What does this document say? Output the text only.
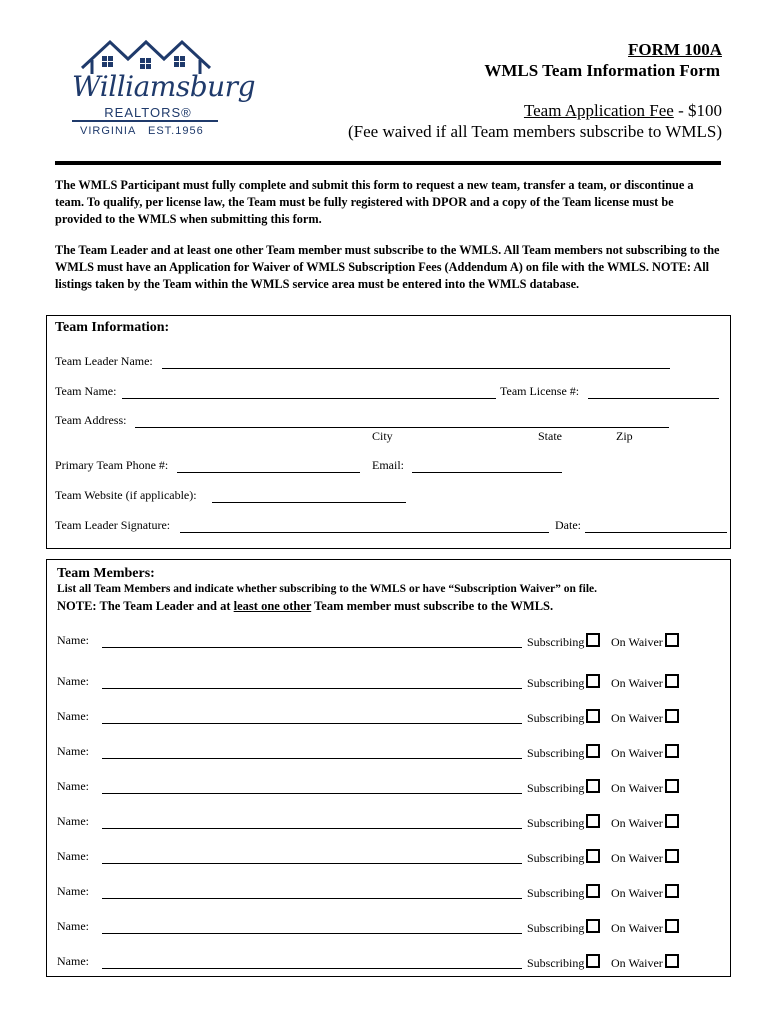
Williamsburg
REALTORS®
VIRGINIA EST.1956
FORM 100A
WMLS Team Information Form
Team Application Fee - $100
(Fee waived if all Team members subscribe to WMLS)
The WMLS Participant must fully complete and submit this form to request a new team, transfer a team, or discontinue a team. To qualify, per license law, the Team must be fully registered with DPOR and a copy of the Team license must be provided to the WMLS when submitting this form.
The Team Leader and at least one other Team member must subscribe to the WMLS. All Team members not subscribing to the WMLS must have an Application for Waiver of WMLS Subscription Fees (Addendum A) on file with the WMLS. NOTE: All listings taken by the Team within the WMLS service area must be entered into the WMLS database.
Team Information:
Team Leader Name:
Team Name:	Team License #:
Team Address:
City	State	Zip
Primary Team Phone #:	Email:
Team Website (if applicable):
Team Leader Signature:	Date:
Team Members:
List all Team Members and indicate whether subscribing to the WMLS or have “Subscription Waiver” on file.
NOTE: The Team Leader and at least one other Team member must subscribe to the WMLS.
Name:	Subscribing	On Waiver
Name:	Subscribing	On Waiver
Name:	Subscribing	On Waiver
Name:	Subscribing	On Waiver
Name:	Subscribing	On Waiver
Name:	Subscribing	On Waiver
Name:	Subscribing	On Waiver
Name:	Subscribing	On Waiver
Name:	Subscribing	On Waiver
Name:	Subscribing	On Waiver
